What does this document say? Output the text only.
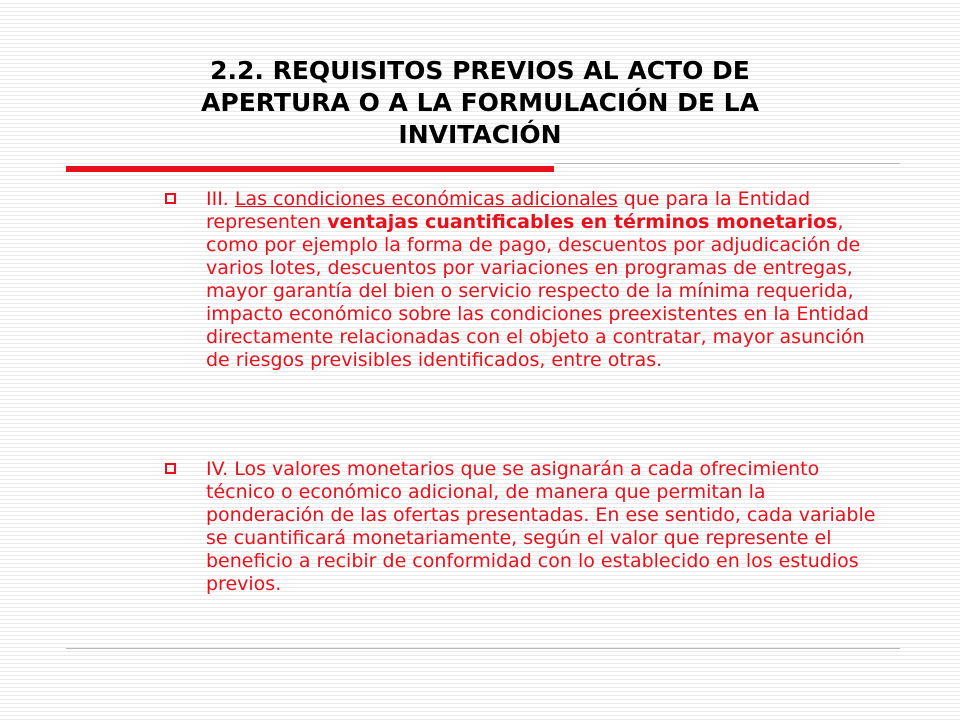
2.2. REQUISITOS PREVIOS AL ACTO DE
APERTURA O A LA FORMULACIÓN DE LA
INVITACIÓN

III. Las condiciones económicas adicionales que para la Entidad representen ventajas cuantificables en términos monetarios, como por ejemplo la forma de pago, descuentos por adjudicación de varios lotes, descuentos por variaciones en programas de entregas, mayor garantía del bien o servicio respecto de la mínima requerida, impacto económico sobre las condiciones preexistentes en la Entidad directamente relacionadas con el objeto a contratar, mayor asunción de riesgos previsibles identificados, entre otras.

IV. Los valores monetarios que se asignarán a cada ofrecimiento técnico o económico adicional, de manera que permitan la ponderación de las ofertas presentadas. En ese sentido, cada variable se cuantificará monetariamente, según el valor que represente el beneficio a recibir de conformidad con lo establecido en los estudios previos.
